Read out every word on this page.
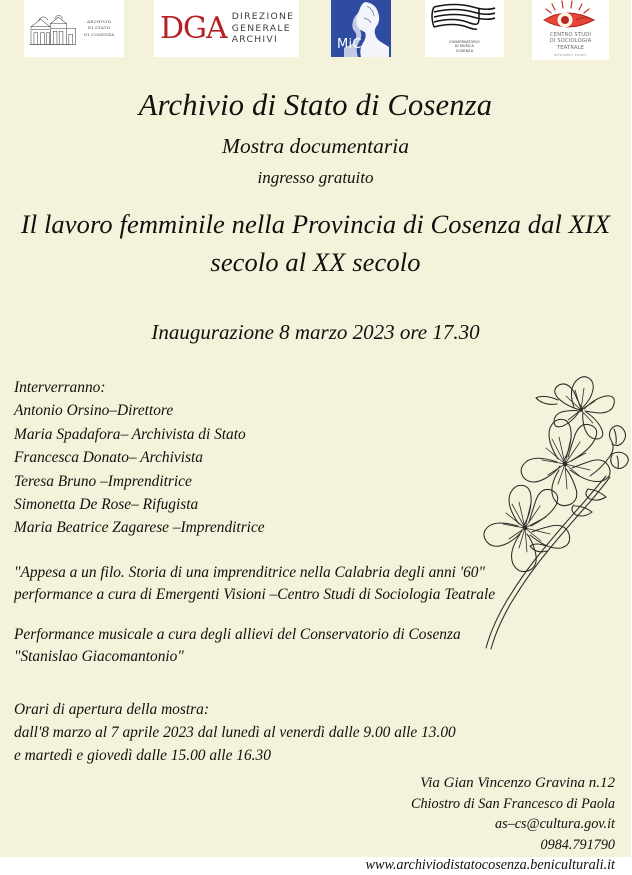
ARCHIVIO
DI STATO
DI COSENZA DGA DIREZIONE
GENERALE
ARCHIVI	MiC	CONSERVATORIO
DI MUSICA
COSENZA
CENTRO STUDI
DI SOCIOLOGIA
TEATRALE
emergenti visioni
Archivio di Stato di Cosenza
Mostra documentaria
ingresso gratuito
Il lavoro femminile nella Provincia di Cosenza dal XIX secolo al XX secolo
Inaugurazione 8 marzo 2023 ore 17.30
Interverranno:
Antonio Orsino–Direttore
Maria Spadafora– Archivista di Stato
Francesca Donato– Archivista
Teresa Bruno –Imprenditrice
Simonetta De Rose– Rifugista
Maria Beatrice Zagarese –Imprenditrice
"Appesa a un filo. Storia di una imprenditrice nella Calabria degli anni '60"
performance a cura di Emergenti Visioni –Centro Studi di Sociologia Teatrale
Performance musicale a cura degli allievi del Conservatorio di Cosenza
"Stanislao Giacomantonio"
Orari di apertura della mostra:
dall'8 marzo al 7 aprile 2023 dal lunedì al venerdì dalle 9.00 alle 13.00
e martedì e giovedì dalle 15.00 alle 16.30
Via Gian Vincenzo Gravina n.12
Chiostro di San Francesco di Paola
as–cs@cultura.gov.it
0984.791790
www.archiviodistatocosenza.beniculturali.it
